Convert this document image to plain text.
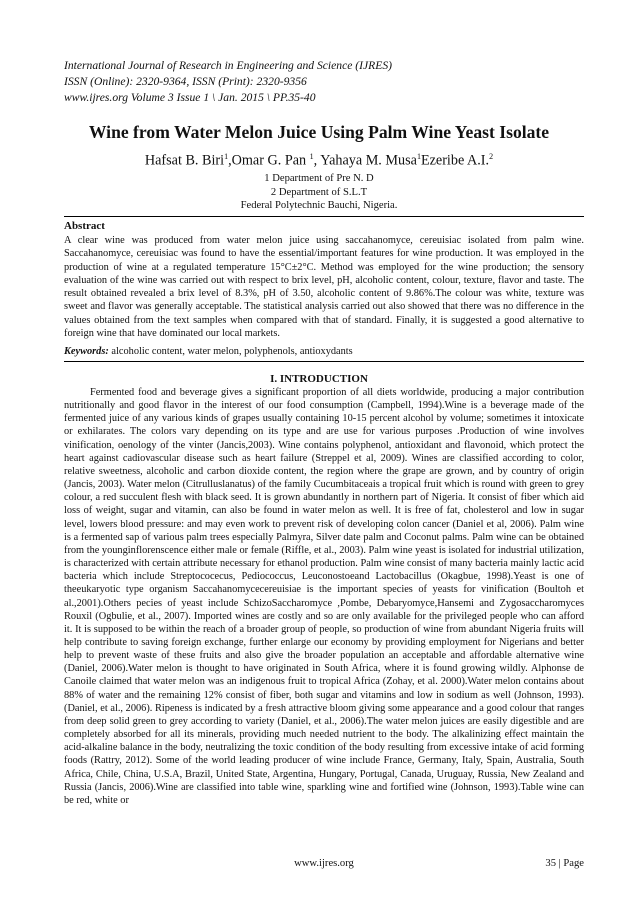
International Journal of Research in Engineering and Science (IJRES)
ISSN (Online): 2320-9364, ISSN (Print): 2320-9356
www.ijres.org Volume 3 Issue 1 \ Jan. 2015 \ PP.35-40
Wine from Water Melon Juice Using Palm Wine Yeast Isolate
Hafsat B. Biri$^1$,Omar G. Pan $^1$, Yahaya M. Musa$^1$Ezeribe A.I.$^2$
1 Department of Pre N. D
2 Department of S.L.T
Federal Polytechnic Bauchi, Nigeria.
Abstract
A clear wine was produced from water melon juice using saccahanomyce, cereuisiac isolated from palm wine. Saccahanomyce, cereuisiac was found to have the essential/important features for wine production. It was employed in the production of wine at a regulated temperature 15°C±2°C. Method was employed for the wine production; the sensory evaluation of the wine was carried out with respect to brix level, pH, alcoholic content, colour, texture, flavor and taste. The result obtained revealed a brix level of 8.3%, pH of 3.50, alcoholic content of 9.86%.The colour was white, texture was sweet and flavor was generally acceptable. The statistical analysis carried out also showed that there was no difference in the values obtained from the text samples when compared with that of standard. Finally, it is suggested a good alternative to foreign wine that have dominated our local markets.
Keywords: alcoholic content, water melon, polyphenols, antioxydants
I. INTRODUCTION

Fermented food and beverage gives a significant proportion of all diets worldwide, producing a major contribution nutritionally and good flavor in the interest of our food consumption (Campbell, 1994).Wine is a beverage made of the fermented juice of any various kinds of grapes usually containing 10-15 percent alcohol by volume; sometimes it intoxicate or exhilarates. The colors vary depending on its type and are use for various purposes .Production of wine involves vinification, oenology of the vinter (Jancis,2003). Wine contains polyphenol, antioxidant and flavonoid, which protect the heart against cadiovascular disease such as heart failure (Streppel et al, 2009). Wines are classified according to color, relative sweetness, alcoholic and carbon dioxide content, the region where the grape are grown, and by country of origin (Jancis, 2003). Water melon (Citrulluslanatus) of the family Cucumbitaceais a tropical fruit which is round with green to grey colour, a red succulent flesh with black seed. It is grown abundantly in northern part of Nigeria. It consist of fiber which aid loss of weight, sugar and vitamin, can also be found in water melon as well. It is free of fat, cholesterol and low in sugar level, lowers blood pressure: and may even work to prevent risk of developing colon cancer (Daniel et al, 2006). Palm wine is a fermented sap of various palm trees especially Palmyra, Silver date palm and Coconut palms. Palm wine can be obtained from the younginflorenscence either male or female (Riffle, et al., 2003). Palm wine yeast is isolated for industrial utilization, is characterized with certain attribute necessary for ethanol production. Palm wine consist of many bacteria mainly lactic acid bacteria which include Streptococecus, Pediococcus, Leuconostoeand Lactobacillus (Okagbue, 1998).Yeast is one of theeukaryotic type organism Saccahanomycecereuisiae is the important species of yeasts for vinification (Boultoh et al.,2001).Others pecies of yeast include SchizoSaccharomyce ,Pombe, Debaryomyce,Hansemi and Zygosaccharomyces Rouxil (Ogbulie, et al., 2007). Imported wines are costly and so are only available for the privileged people who can afford it. It is supposed to be within the reach of a broader group of people, so production of wine from abundant Nigeria fruits will help contribute to saving foreign exchange, further enlarge our economy by providing employment for Nigerians and better help to prevent waste of these fruits and also give the broader population an acceptable and affordable alternative wine (Daniel, 2006).Water melon is thought to have originated in South Africa, where it is found growing wildly. Alphonse de Canoile claimed that water melon was an indigenous fruit to tropical Africa (Zohay, et al. 2000).Water melon contains about 88% of water and the remaining 12% consist of fiber, both sugar and vitamins and low in sodium as well (Johnson, 1993). (Daniel, et al., 2006). Ripeness is indicated by a fresh attractive bloom giving some appearance and a good colour that ranges from deep solid green to grey according to variety (Daniel, et al., 2006).The water melon juices are easily digestible and are completely absorbed for all its minerals, providing much needed nutrient to the body. The alkalinizing effect maintain the acid-alkaline balance in the body, neutralizing the toxic condition of the body resulting from excessive intake of acid forming foods (Rattry, 2012). Some of the world leading producer of wine include France, Germany, Italy, Spain, Australia, South Africa, Chile, China, U.S.A, Brazil, United State, Argentina, Hungary, Portugal, Canada, Uruguay, Russia, New Zealand and Russia (Jancis, 2006).Wine are classified into table wine, sparkling wine and fortified wine (Johnson, 1993).Table wine can be red, white or

www.ijres.org	35 | Page
